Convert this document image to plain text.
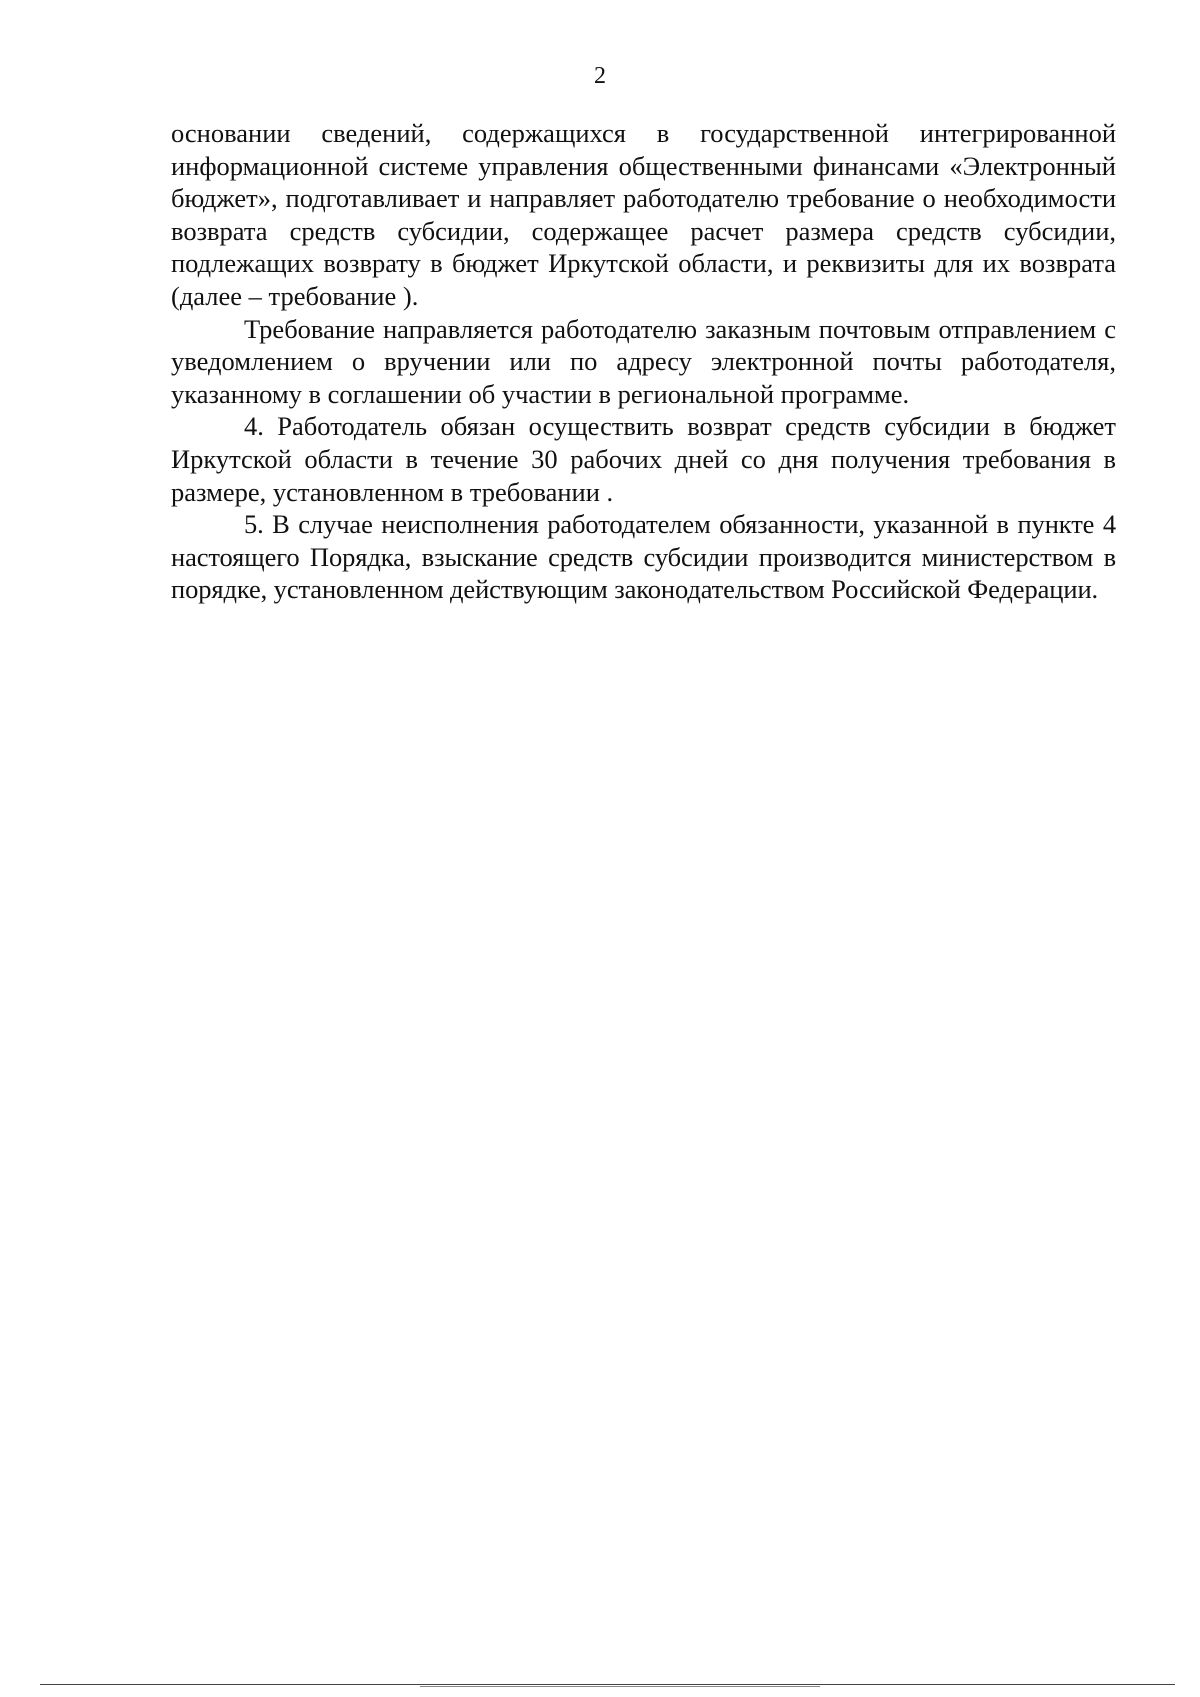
2

основании сведений, содержащихся в государственной интегрированной информационной системе управления общественными финансами «Электронный бюджет», подготавливает и направляет работодателю требование о необходимости возврата средств субсидии, содержащее расчет размера средств субсидии, подлежащих возврату в бюджет Иркутской области, и реквизиты для их возврата (далее – требование ).

Требование направляется работодателю заказным почтовым отправлением с уведомлением о вручении или по адресу электронной почты работодателя, указанному в соглашении об участии в региональной программе.

4. Работодатель обязан осуществить возврат средств субсидии в бюджет Иркутской области в течение 30 рабочих дней со дня получения требования в размере, установленном в требовании .

5. В случае неисполнения работодателем обязанности, указанной в пункте 4 настоящего Порядка, взыскание средств субсидии производится министерством в порядке, установленном действующим законодательством Российской Федерации.
